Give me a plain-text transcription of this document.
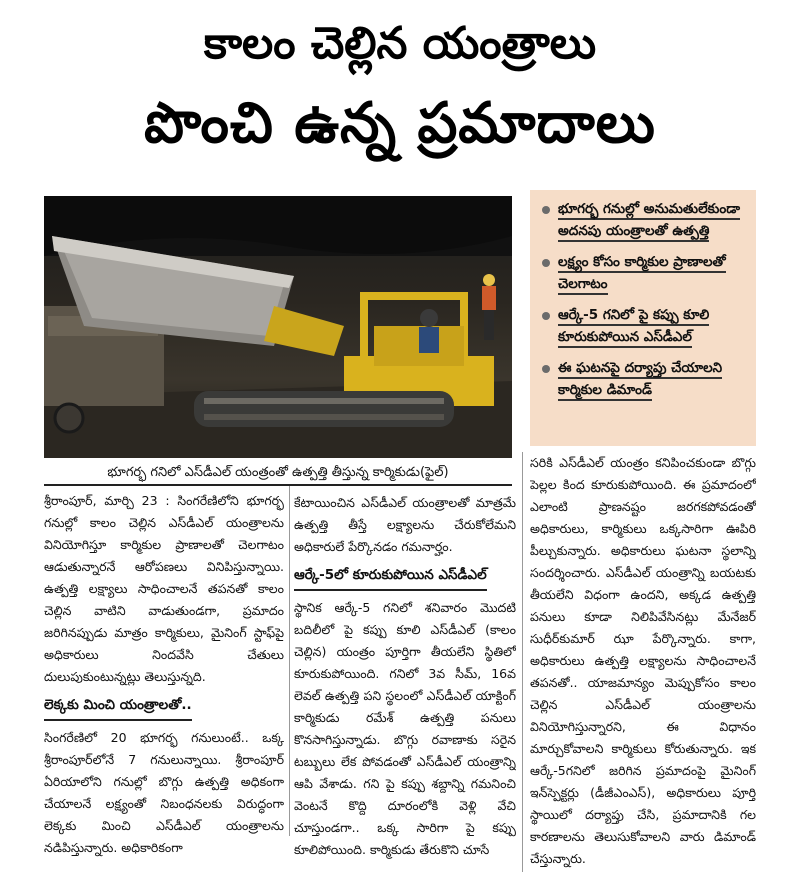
కాలం చెల్లిన యంత్రాలు
పొంచి ఉన్న ప్రమాదాలు
భూగర్భ గనిలో ఎస్‌డీఎల్ యంత్రంతో ఉత్పత్తి తీస్తున్న కార్మికుడు(ఫైల్)
భూగర్భ గనుల్లో అనుమతులేకుండా అదనపు యంత్రాలతో ఉత్పత్తి
లక్ష్యం కోసం కార్మికుల ప్రాణాలతో చెలగాటం
ఆర్కే-5 గనిలో పై కప్పు కూలి కూరుకుపోయిన ఎస్‌డీఎల్
ఈ ఘటనపై దర్యాప్తు చేయాలని కార్మికుల డిమాండ్

శ్రీరాంపూర్, మార్చి 23 : సింగరేణిలోని భూగర్భ గనుల్లో కాలం చెల్లిన ఎస్‌డీఎల్ యంత్రాలను వినియోగిస్తూ కార్మికుల ప్రాణాలతో చెలగాటం ఆడుతున్నారనే ఆరోపణలు వినిపిస్తున్నాయి. ఉత్పత్తి లక్ష్యాలు సాధించాలనే తపనతో కాలం చెల్లిన వాటిని వాడుతుండగా, ప్రమాదం జరిగినప్పుడు మాత్రం కార్మికులు, మైనింగ్ స్టాఫ్‌పై అధికారులు నిందవేసి చేతులు దులుపుకుంటున్నట్లు తెలుస్తున్నది.

లెక్కకు మించి యంత్రాలతో..

సింగరేణిలో 20 భూగర్భ గనులుంటే.. ఒక్క శ్రీరాంపూర్‌లోనే 7 గనులున్నాయి. శ్రీరాంపూర్ ఏరియాలోని గనుల్లో బొగ్గు ఉత్పత్తి అధికంగా చేయాలనే లక్ష్యంతో నిబంధనలకు విరుద్ధంగా లెక్కకు మించి ఎస్‌డీఎల్ యంత్రాలను నడిపిస్తున్నారు. అధికారికంగా

కేటాయించిన ఎస్‌డీఎల్ యంత్రాలతో మాత్రమే ఉత్పత్తి తీస్తే లక్ష్యాలను చేరుకోలేమని అధికారులే పేర్కొనడం గమనార్హం.

ఆర్కే-5లో కూరుకుపోయిన ఎస్‌డీఎల్

స్థానిక ఆర్కే-5 గనిలో శనివారం మొదటి బదిలీలో పై కప్పు కూలి ఎస్‌డీఎల్ (కాలం చెల్లిన) యంత్రం పూర్తిగా తీయలేని స్థితిలో కూరుకుపోయింది. గనిలో 3వ సీమ్, 16వ లెవల్ ఉత్పత్తి పని స్థలంలో ఎస్‌డీఎల్ యాక్టింగ్ కార్మికుడు రమేశ్ ఉత్పత్తి పనులు కొనసాగిస్తున్నాడు. బొగ్గు రవాణాకు సరైన టబ్బులు లేక పోవడంతో ఎస్‌డీఎల్ యంత్రాన్ని ఆపి వేశాడు. గని పై కప్పు శబ్దాన్ని గమనించి వెంటనే కొద్ది దూరంలోకి వెళ్లి వేచి చూస్తుండగా.. ఒక్క సారిగా పై కప్పు కూలిపోయింది. కార్మికుడు తేరుకొని చూసే

సరికి ఎస్‌డీఎల్ యంత్రం కనిపించకుండా బొగ్గు పెల్లల కింద కూరుకుపోయింది. ఈ ప్రమాదంలో ఎలాంటి ప్రాణనష్టం జరగకపోవడంతో అధికారులు, కార్మికులు ఒక్కసారిగా ఊపిరి పీల్చుకున్నారు. అధికారులు ఘటనా స్థలాన్ని సందర్శించారు. ఎస్‌డీఎల్ యంత్రాన్ని బయటకు తీయలేని విధంగా ఉందని, అక్కడ ఉత్పత్తి పనులు కూడా నిలిపివేసినట్లు మేనేజర్ సుధీర్‌కుమార్ ఝా పేర్కొన్నారు. కాగా, అధికారులు ఉత్పత్తి లక్ష్యాలను సాధించాలనే తపనతో.. యాజమాన్యం మెప్పుకోసం కాలం చెల్లిన ఎస్‌డీఎల్ యంత్రాలను వినియోగిస్తున్నారని, ఈ విధానం మార్చుకోవాలని కార్మికులు కోరుతున్నారు. ఇక ఆర్కే-5గనిలో జరిగిన ప్రమాదంపై మైనింగ్ ఇన్‌స్పెక్టర్లు (డీజీఎంఎస్), అధికారులు పూర్తి స్థాయిలో దర్యాప్తు చేసి, ప్రమాదానికి గల కారణాలను తెలుసుకోవాలని వారు డిమాండ్ చేస్తున్నారు.
